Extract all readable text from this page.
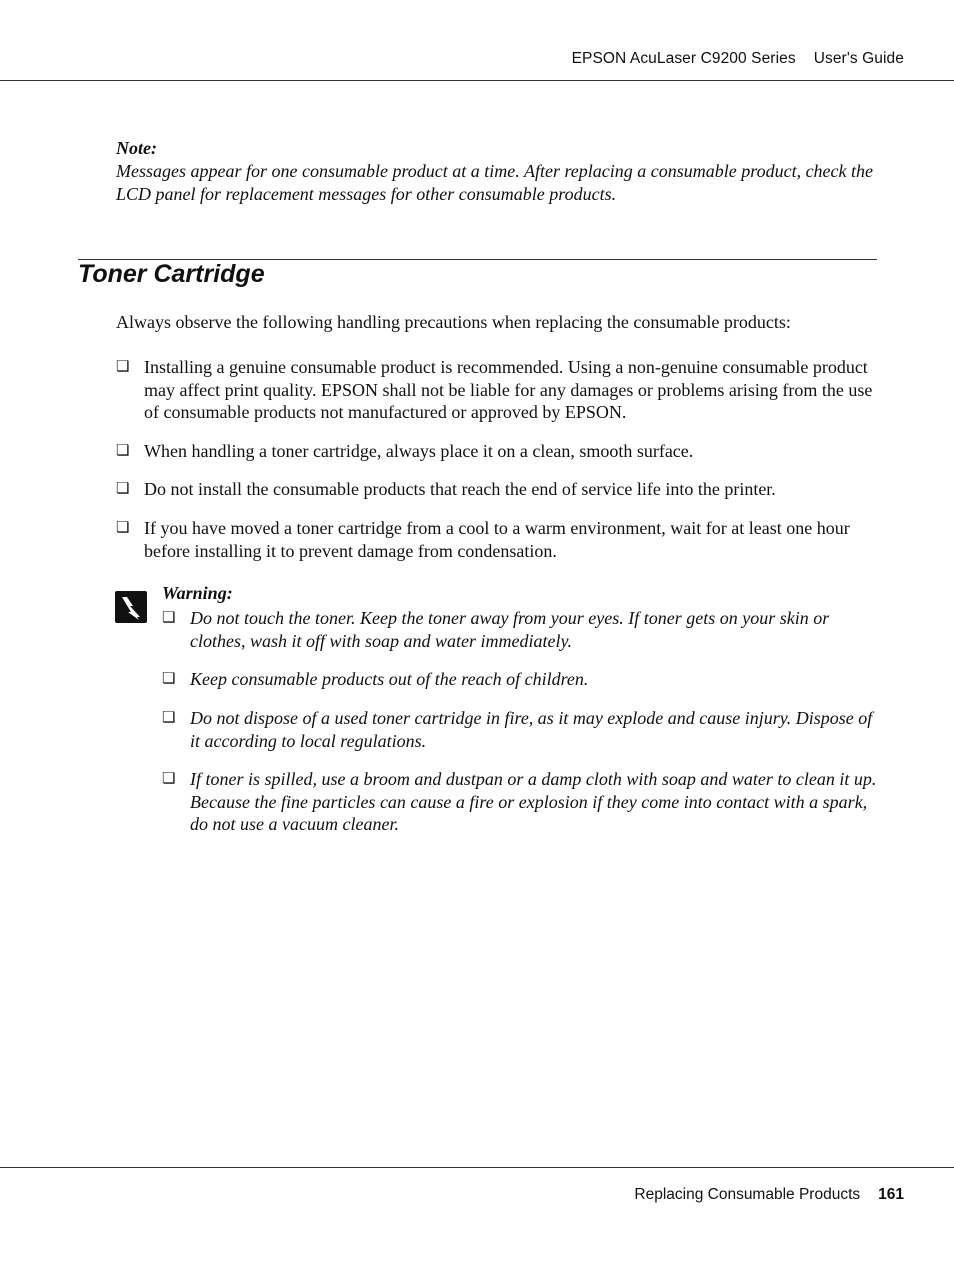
EPSON AcuLaser C9200 Series User's Guide
Note:
Messages appear for one consumable product at a time. After replacing a consumable product, check the LCD panel for replacement messages for other consumable products.
Toner Cartridge
Always observe the following handling precautions when replacing the consumable products:
❏ Installing a genuine consumable product is recommended. Using a non-genuine consumable product may affect print quality. EPSON shall not be liable for any damages or problems arising from the use of consumable products not manufactured or approved by EPSON.
❏ When handling a toner cartridge, always place it on a clean, smooth surface.
❏ Do not install the consumable products that reach the end of service life into the printer.
❏ If you have moved a toner cartridge from a cool to a warm environment, wait for at least one hour before installing it to prevent damage from condensation.
Warning:
❏ Do not touch the toner. Keep the toner away from your eyes. If toner gets on your skin or clothes, wash it off with soap and water immediately.
❏ Keep consumable products out of the reach of children.
❏ Do not dispose of a used toner cartridge in fire, as it may explode and cause injury. Dispose of it according to local regulations.
❏ If toner is spilled, use a broom and dustpan or a damp cloth with soap and water to clean it up. Because the fine particles can cause a fire or explosion if they come into contact with a spark, do not use a vacuum cleaner.
Replacing Consumable Products 161
